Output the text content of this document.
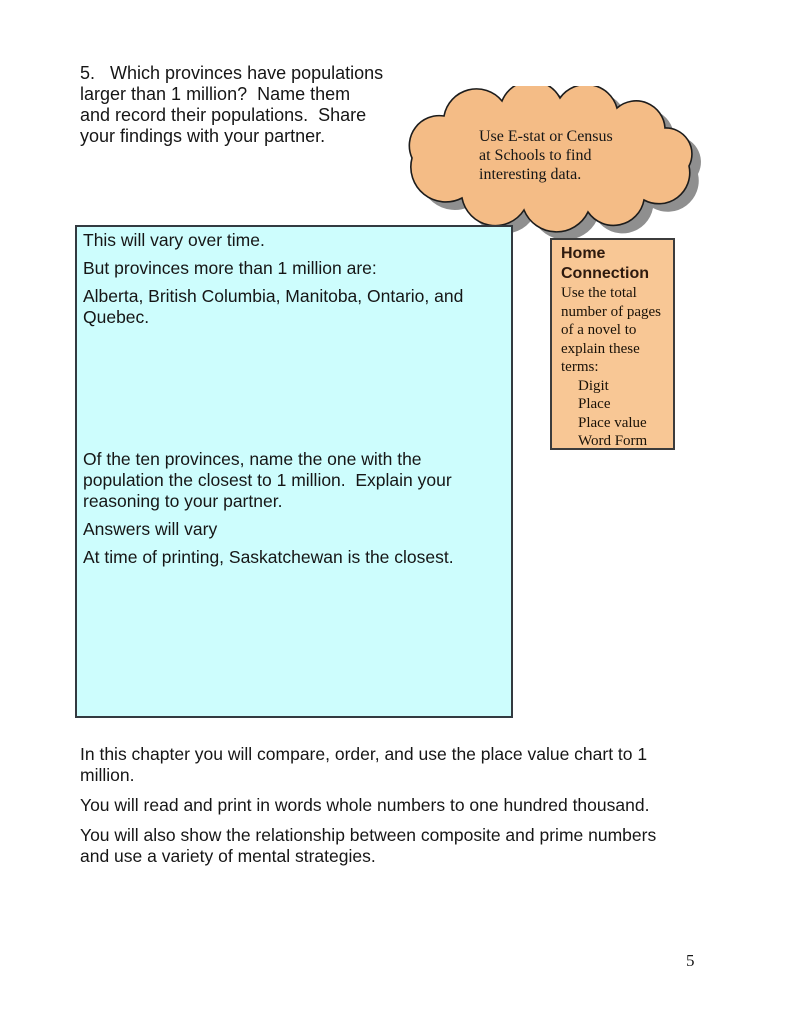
5.   Which provinces have populations
larger than 1 million?  Name them
and record their populations.  Share
your findings with your partner.	Use E-stat or Census
at Schools to find
interesting data.
This will vary over time.
But provinces more than 1 million are:
Alberta, British Columbia, Manitoba, Ontario, and
Quebec.
Of the ten provinces, name the one with the
population the closest to 1 million.  Explain your
reasoning to your partner.
Answers will vary
At time of printing, Saskatchewan is the closest.
Home
Connection
Use the total
number of pages
of a novel to
explain these
terms:
Digit
Place
Place value
Word Form
In this chapter you will compare, order, and use the place value chart to 1
million.
You will read and print in words whole numbers to one hundred thousand.
You will also show the relationship between composite and prime numbers
and use a variety of mental strategies.
5
